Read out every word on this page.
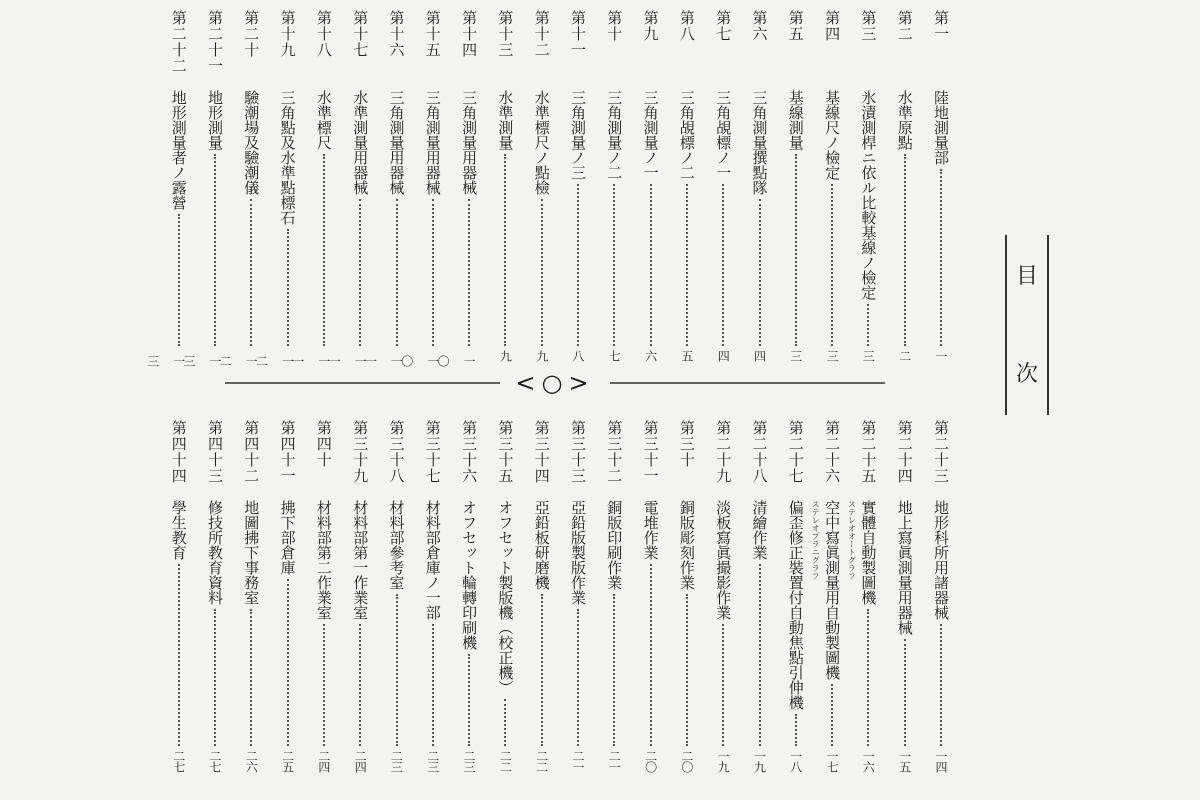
目
次
<○>
第一
陸地測量部
一
第二
水準原點
二
第三
氷漬測桿ニ依ル比較基線ノ檢定
三
第四
基線尺ノ檢定
三
第五
基線測量
三
第六
三角測量撰點隊
四
第七
三角覘標ノ一
四
第八
三角覘標ノ二
五
第九
三角測量ノ一
六
第十
三角測量ノ二
七
第十一
三角測量ノ三
八
第十二
水準標尺ノ點檢
九
第十三
水準測量
九
第十四
三角測量用器械
一〇
第十五
三角測量用器械
一〇
第十六
三角測量用器械
一一
第十七
水準測量用器械
一一
第十八
水準標尺
一一
第十九
三角點及水準點標石
一二
第二十
驗潮場及驗潮儀
一二
第二十一
地形測量
一三
第二十二
地形測量者ノ露營
一三
第二十三
地形科所用諸器械
一四
第二十四
地上寫眞測量用器械
一五
第二十五
實體自動製圖機
一六
ステレオオートグラフ
第二十六
空中寫眞測量用自動製圖機
一七
ステレオプラニグラフ
第二十七
偏歪修正裝置付自動焦點引伸機
一八
第二十八
清繪作業
一九
第二十九
淡板寫眞撮影作業
一九
第三十
銅版彫刻作業
二〇
第三十一
電堆作業
二〇
第三十二
銅版印刷作業
二一
第三十三
亞鉛版製版作業
二一
第三十四
亞鉛板研磨機
二二
第三十五
オフセット製版機（校正機）
二二
第三十六
オフセット輪轉印刷機
二三
第三十七
材料部倉庫ノ一部
二三
第三十八
材料部參考室
二三
第三十九
材料部第一作業室
二四
第四十
材料部第二作業室
二四
第四十一
拂下部倉庫
二五
第四十二
地圖拂下事務室
二六
第四十三
修技所教育資料
二七
第四十四
學生教育
二七
